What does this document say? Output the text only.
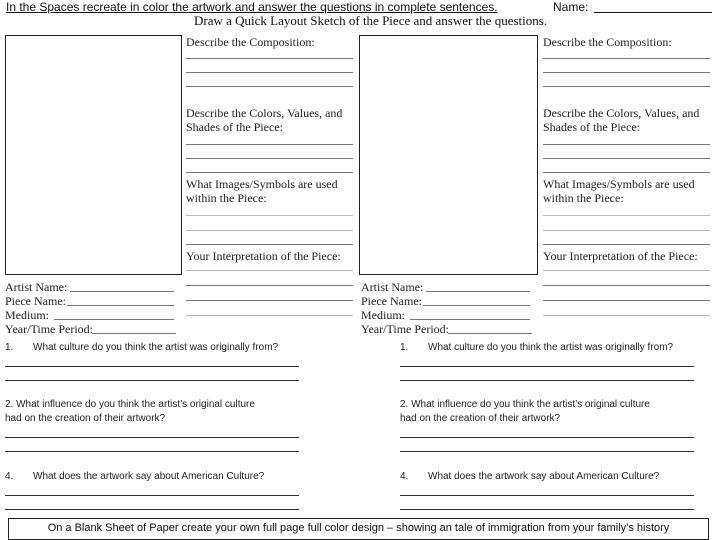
In the Spaces recreate in color the artwork and answer the questions in complete sentences.	Name:
Draw a Quick Layout Sketch of the Piece and answer the questions.
Describe the Composition:
Describe the Colors, Values, and
Shades of the Piece:
What Images/Symbols are used
within the Piece:
Your Interpretation of the Piece:
Artist Name:
Piece Name:
Medium:
Year/Time Period:
Describe the Composition:
Describe the Colors, Values, and
Shades of the Piece:
What Images/Symbols are used
within the Piece:
Your Interpretation of the Piece:
Artist Name:
Piece Name:
Medium:
Year/Time Period:
1. What culture do you think the artist was originally from?
2. What influence do you think the artist’s original culture
had on the creation of their artwork?
4. What does the artwork say about American Culture?
1. What culture do you think the artist was originally from?
2. What influence do you think the artist’s original culture
had on the creation of their artwork?
4. What does the artwork say about American Culture?
On a Blank Sheet of Paper create your own full page full color design – showing an tale of immigration from your family’s history
